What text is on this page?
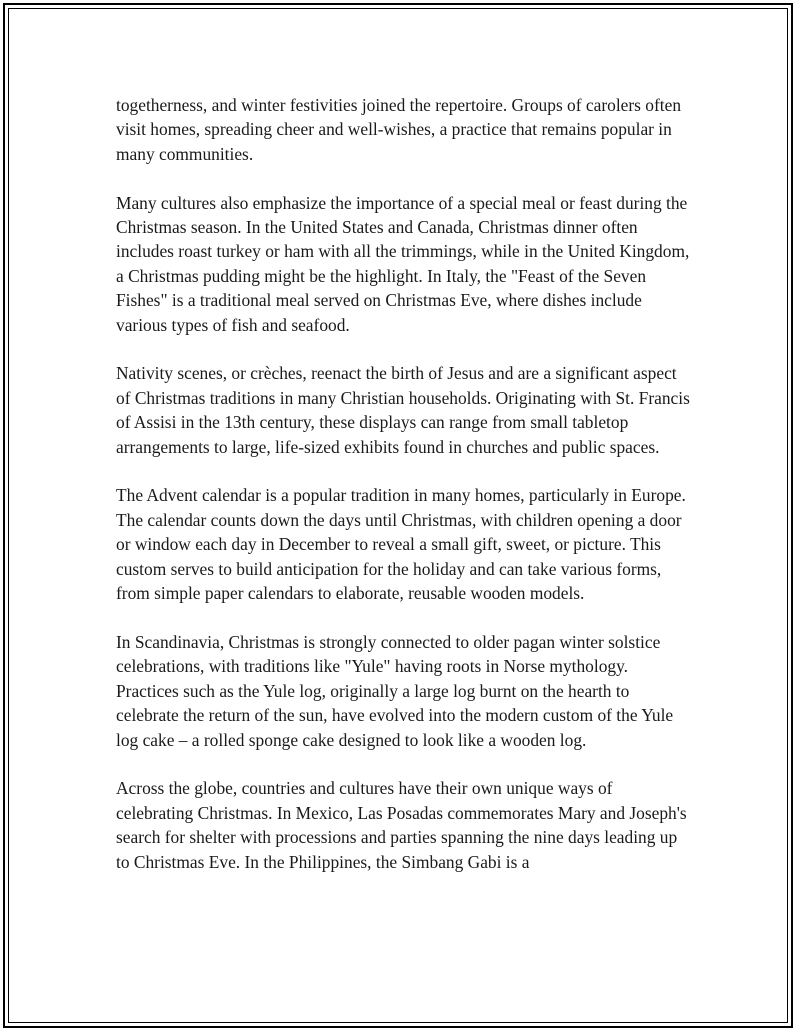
togetherness, and winter festivities joined the repertoire. Groups of carolers often visit homes, spreading cheer and well-wishes, a practice that remains popular in many communities.

Many cultures also emphasize the importance of a special meal or feast during the Christmas season. In the United States and Canada, Christmas dinner often includes roast turkey or ham with all the trimmings, while in the United Kingdom, a Christmas pudding might be the highlight. In Italy, the "Feast of the Seven Fishes" is a traditional meal served on Christmas Eve, where dishes include various types of fish and seafood.

Nativity scenes, or crèches, reenact the birth of Jesus and are a significant aspect of Christmas traditions in many Christian households. Originating with St. Francis of Assisi in the 13th century, these displays can range from small tabletop arrangements to large, life-sized exhibits found in churches and public spaces.

The Advent calendar is a popular tradition in many homes, particularly in Europe. The calendar counts down the days until Christmas, with children opening a door or window each day in December to reveal a small gift, sweet, or picture. This custom serves to build anticipation for the holiday and can take various forms, from simple paper calendars to elaborate, reusable wooden models.

In Scandinavia, Christmas is strongly connected to older pagan winter solstice celebrations, with traditions like "Yule" having roots in Norse mythology. Practices such as the Yule log, originally a large log burnt on the hearth to celebrate the return of the sun, have evolved into the modern custom of the Yule log cake – a rolled sponge cake designed to look like a wooden log.

Across the globe, countries and cultures have their own unique ways of celebrating Christmas. In Mexico, Las Posadas commemorates Mary and Joseph's search for shelter with processions and parties spanning the nine days leading up to Christmas Eve. In the Philippines, the Simbang Gabi is a
